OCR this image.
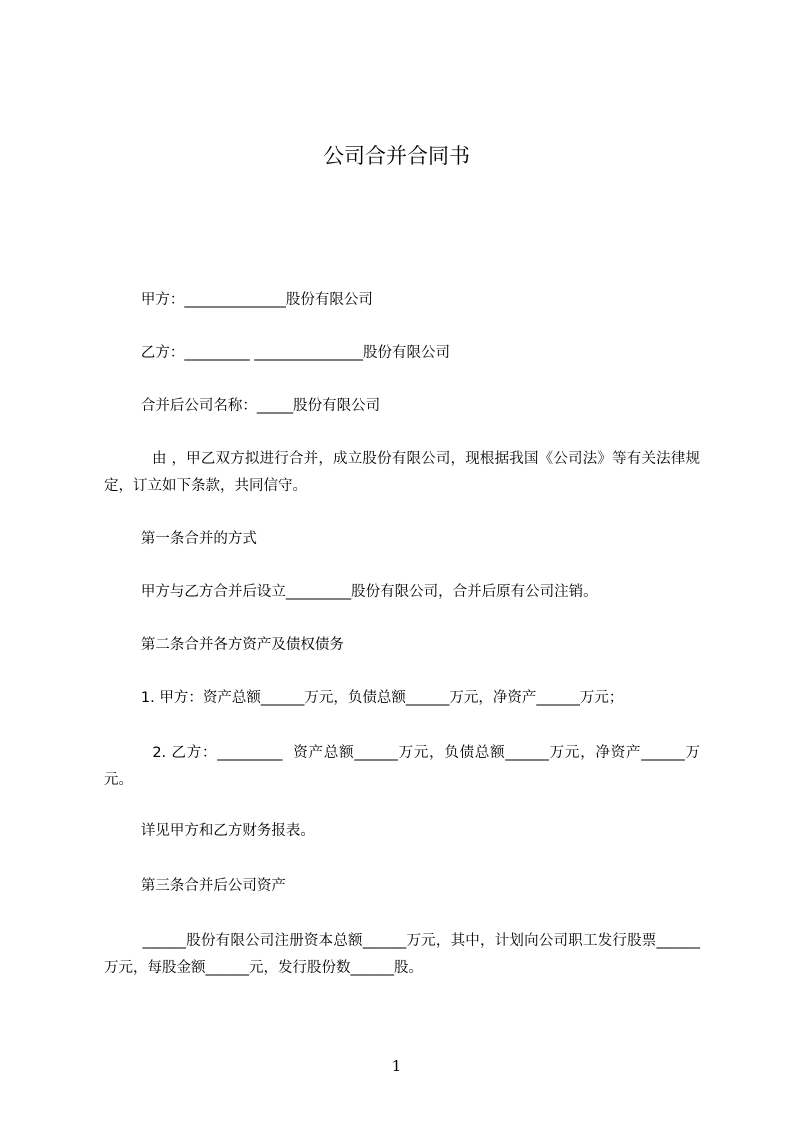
公司合并合同书
甲方：______________股份有限公司
乙方：_________ _______________股份有限公司
合并后公司名称：_____股份有限公司
由 ，甲乙双方拟进行合并，成立股份有限公司，现根据我国《公司法》等有关法律规定，订立如下条款，共同信守。
第一条合并的方式
甲方与乙方合并后设立_________股份有限公司，合并后原有公司注销。
第二条合并各方资产及债权债务
1. 甲方：资产总额______万元，负债总额______万元，净资产______万元；
2. 乙方：_________  资产总额______万元，负债总额______万元，净资产______万元。
详见甲方和乙方财务报表。
第三条合并后公司资产
______股份有限公司注册资本总额______万元，其中，计划向公司职工发行股票______万元，每股金额______元，发行股份数______股。
1
